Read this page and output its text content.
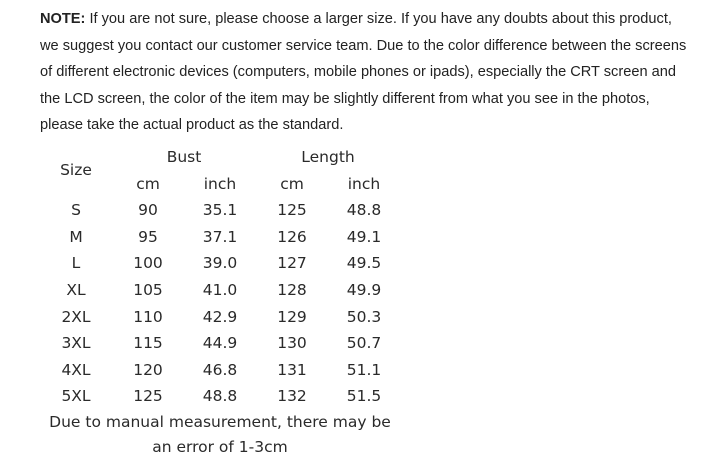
NOTE: If you are not sure, please choose a larger size. If you have any doubts about this product, we suggest you contact our customer service team. Due to the color difference between the screens of different electronic devices (computers, mobile phones or ipads), especially the CRT screen and the LCD screen, the color of the item may be slightly different from what you see in the photos, please take the actual product as the standard.
Size	Bust		Length	
	cm	inch	cm	inch
S	90	35.1	125	48.8
M	95	37.1	126	49.1
L	100	39.0	127	49.5
XL	105	41.0	128	49.9
2XL	110	42.9	129	50.3
3XL	115	44.9	130	50.7
4XL	120	46.8	131	51.1
5XL	125	48.8	132	51.5
Due to manual measurement, there may be an error of 1-3cm
